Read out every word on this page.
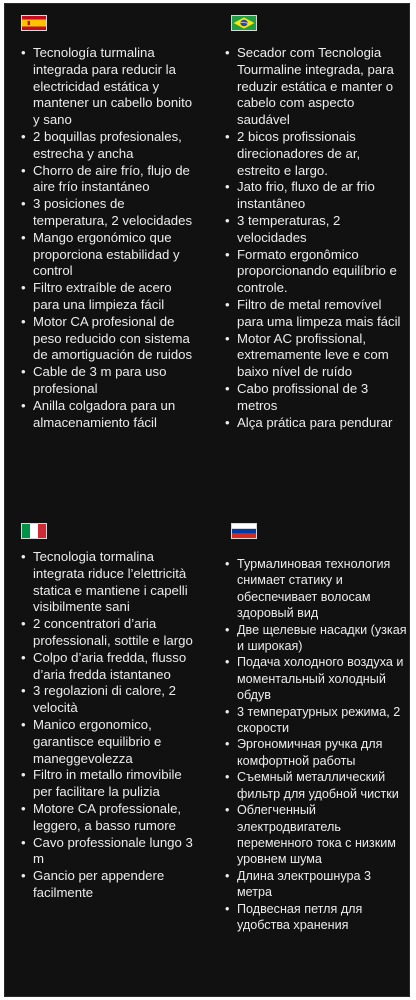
• Tecnología turmalina integrada para reducir la electricidad estática y mantener un cabello bonito y sano
• 2 boquillas profesionales, estrecha y ancha
• Chorro de aire frío, flujo de aire frío instantáneo
• 3 posiciones de temperatura, 2 velocidades
• Mango ergonómico que proporciona estabilidad y control
• Filtro extraíble de acero para una limpieza fácil
• Motor CA profesional de peso reducido con sistema de amortiguación de ruidos
• Cable de 3 m para uso profesional
• Anilla colgadora para un almacenamiento fácil
• Secador com Tecnologia Tourmaline integrada, para reduzir estática e manter o cabelo com aspecto saudável
• 2 bicos profissionais direcionadores de ar, estreito e largo.
• Jato frio, fluxo de ar frio instantâneo
• 3 temperaturas, 2 velocidades
• Formato ergonômico proporcionando equilíbrio e controle.
• Filtro de metal removível para uma limpeza mais fácil
• Motor AC profissional, extremamente leve e com baixo nível de ruído
• Cabo profissional de 3 metros
• Alça prática para pendurar
• Tecnologia tormalina integrata riduce l’elettricità statica e mantiene i capelli visibilmente sani
• 2 concentratori d’aria professionali, sottile e largo
• Colpo d’aria fredda, flusso d’aria fredda istantaneo
• 3 regolazioni di calore, 2 velocità
• Manico ergonomico, garantisce equilibrio e maneggevolezza
• Filtro in metallo rimovibile per facilitare la pulizia
• Motore CA professionale, leggero, a basso rumore
• Cavo professionale lungo 3 m
• Gancio per appendere facilmente
• Турмалиновая технология снимает статику и обеспечивает волосам здоровый вид
• Две щелевые насадки (узкая и широкая)
• Подача холодного воздуха и моментальный холодный обдув
• 3 температурных режима, 2 скорости
• Эргономичная ручка для комфортной работы
• Съемный металлический фильтр для удобной чистки
• Облегченный электродвигатель переменного тока с низким уровнем шума
• Длина электрошнура 3 метра
• Подвесная петля для удобства хранения
